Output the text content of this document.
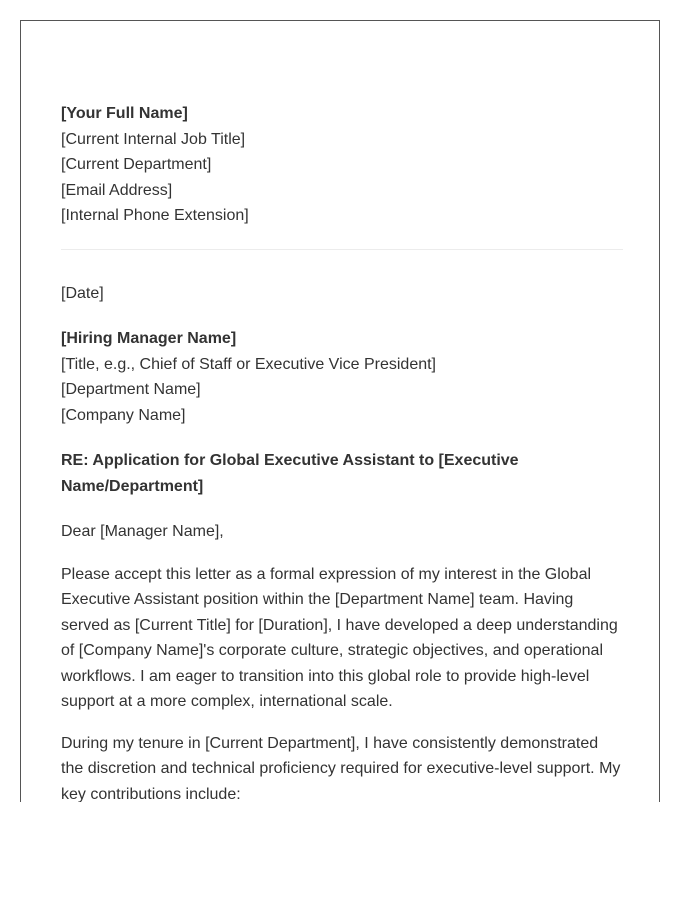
[Your Full Name]
[Current Internal Job Title]
[Current Department]
[Email Address]
[Internal Phone Extension]
[Date]
[Hiring Manager Name]
[Title, e.g., Chief of Staff or Executive Vice President]
[Department Name]
[Company Name]
RE: Application for Global Executive Assistant to [Executive Name/Department]
Dear [Manager Name],

Please accept this letter as a formal expression of my interest in the Global Executive Assistant position within the [Department Name] team. Having served as [Current Title] for [Duration], I have developed a deep understanding of [Company Name]'s corporate culture, strategic objectives, and operational workflows. I am eager to transition into this global role to provide high-level support at a more complex, international scale.

During my tenure in [Current Department], I have consistently demonstrated the discretion and technical proficiency required for executive-level support. My key contributions include:
